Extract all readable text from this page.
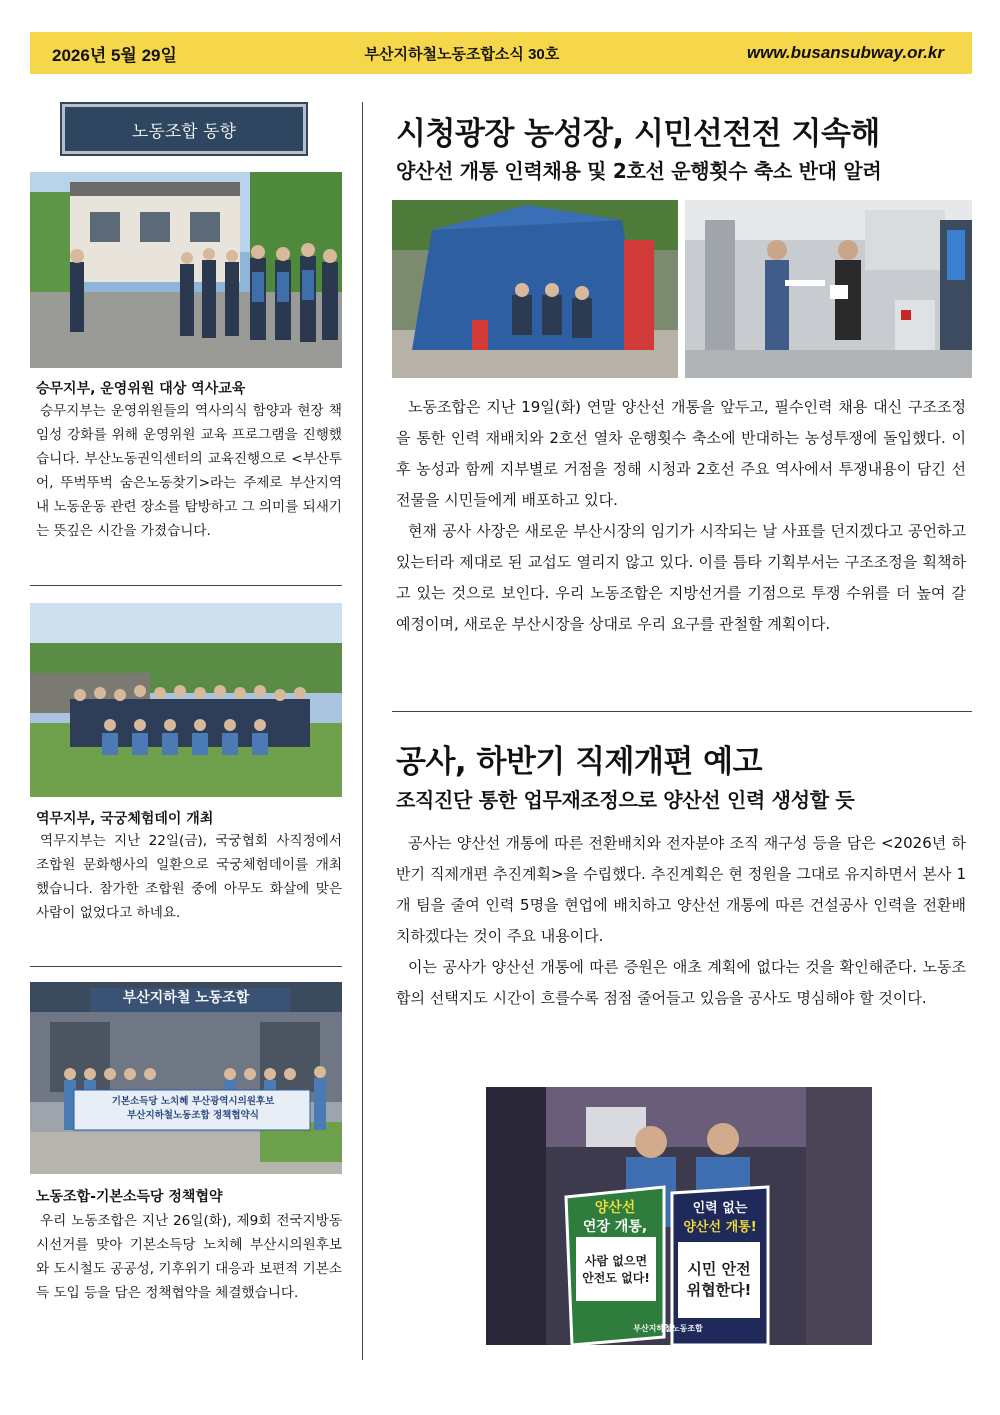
2026년 5월 29일	부산지하철노동조합소식 30호	www.busansubway.or.kr
노동조합 동향
승무지부, 운영위원 대상 역사교육
승무지부는 운영위원들의 역사의식 함양과 현장 책임성 강화를 위해 운영위원 교육 프로그램을 진행했습니다. 부산노동권익센터의 교육진행으로 <부산투어, 뚜벅뚜벅 숨은노동찾기>라는 주제로 부산지역 내 노동운동 관련 장소를 탐방하고 그 의미를 되새기는 뜻깊은 시간을 가졌습니다.
역무지부, 국궁체험데이 개최
역무지부는 지난 22일(금), 국궁협회 사직정에서 조합원 문화행사의 일환으로 국궁체험데이를 개최했습니다. 참가한 조합원 중에 아무도 화살에 맞은 사람이 없었다고 하네요.
부산지하철 노동조합
기본소득당 노치혜 부산광역시의원후보
부산지하철노동조합 정책협약식
노동조합-기본소득당 정책협약
우리 노동조합은 지난 26일(화), 제9회 전국지방동시선거를 맞아 기본소득당 노치혜 부산시의원후보와 도시철도 공공성, 기후위기 대응과 보편적 기본소득 도입 등을 담은 정책협약을 체결했습니다.
시청광장 농성장, 시민선전전 지속해
양산선 개통 인력채용 및 2호선 운행횟수 축소 반대 알려

노동조합은 지난 19일(화) 연말 양산선 개통을 앞두고, 필수인력 채용 대신 구조조정을 통한 인력 재배치와 2호선 열차 운행횟수 축소에 반대하는 농성투쟁에 돌입했다. 이후 농성과 함께 지부별로 거점을 정해 시청과 2호선 주요 역사에서 투쟁내용이 담긴 선전물을 시민들에게 배포하고 있다.

현재 공사 사장은 새로운 부산시장의 임기가 시작되는 날 사표를 던지겠다고 공언하고 있는터라 제대로 된 교섭도 열리지 않고 있다. 이를 틈타 기획부서는 구조조정을 획책하고 있는 것으로 보인다. 우리 노동조합은 지방선거를 기점으로 투쟁 수위를 더 높여 갈 예정이며, 새로운 부산시장을 상대로 우리 요구를 관철할 계획이다.

공사, 하반기 직제개편 예고
조직진단 통한 업무재조정으로 양산선 인력 생성할 듯

공사는 양산선 개통에 따른 전환배치와 전자분야 조직 재구성 등을 담은 <2026년 하반기 직제개편 추진계획>을 수립했다. 추진계획은 현 정원을 그대로 유지하면서 본사 1개 팀을 줄여 인력 5명을 현업에 배치하고 양산선 개통에 따른 건설공사 인력을 전환배치하겠다는 것이 주요 내용이다.

이는 공사가 양산선 개통에 따른 증원은 애초 계획에 없다는 것을 확인해준다. 노동조합의 선택지도 시간이 흐를수록 점점 줄어들고 있음을 공사도 명심해야 할 것이다.

양산선
연장 개통,
사람 없으면
안전도 없다!
인력 없는
양산선 개통!
시민 안전
위협한다!
부산지하철노동조합
